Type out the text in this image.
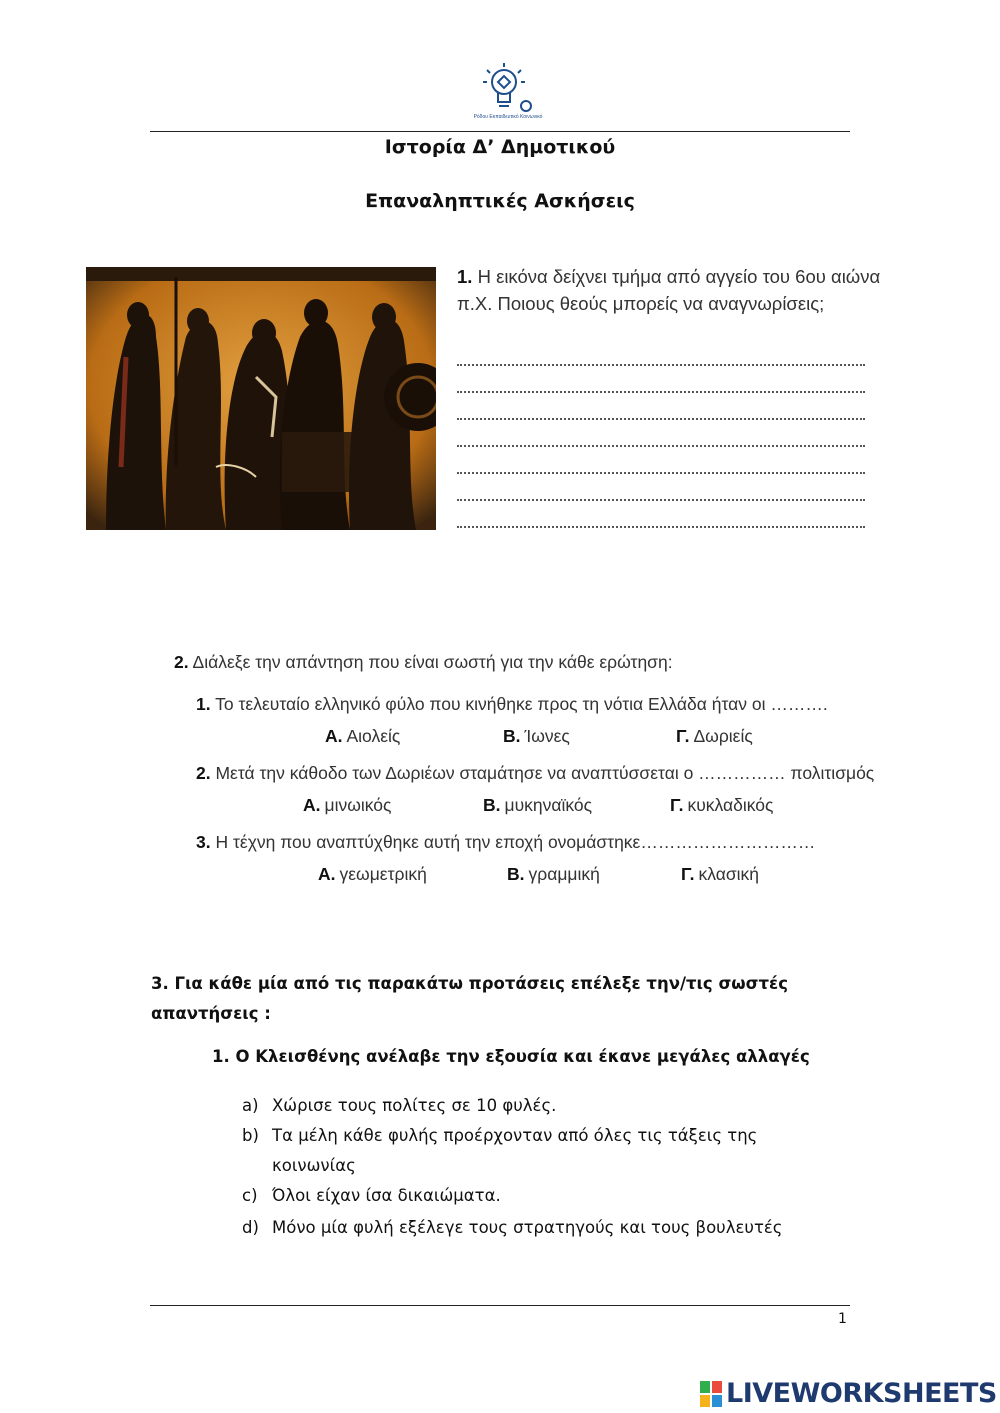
Ρόδου Εκπαιδευτικό Κοινωνικό
Ιστορία Δ’ Δημοτικού
Επαναληπτικές Ασκήσεις
1. Η εικόνα δείχνει τμήμα από αγγείο του 6ου αιώνα π.Χ. Ποιους θεούς μπορείς να αναγνωρίσεις;
2. Διάλεξε την απάντηση που είναι σωστή για την κάθε ερώτηση:
1. Το τελευταίο ελληνικό φύλο που κινήθηκε προς τη νότια Ελλάδα ήταν οι ……….
Α. Αιολείς	Β. Ίωνες	Γ. Δωριείς
2. Μετά την κάθοδο των Δωριέων σταμάτησε να αναπτύσσεται ο …………… πολιτισμός
Α. μινωικός	Β. μυκηναϊκός	Γ. κυκλαδικός
3. Η τέχνη που αναπτύχθηκε αυτή την εποχή ονομάστηκε…………………………
Α. γεωμετρική	Β. γραμμική	Γ. κλασική
3. Για κάθε μία από τις παρακάτω προτάσεις επέλεξε την/τις σωστές
απαντήσεις :
1. Ο Κλεισθένης ανέλαβε την εξουσία και έκανε μεγάλες αλλαγές
a) Χώρισε τους πολίτες σε 10 φυλές.
b) Τα μέλη κάθε φυλής προέρχονταν από όλες τις τάξεις της κοινωνίας
c) Όλοι είχαν ίσα δικαιώματα.
d) Μόνο μία φυλή εξέλεγε τους στρατηγούς και τους βουλευτές
1
LIVEWORKSHEETS
